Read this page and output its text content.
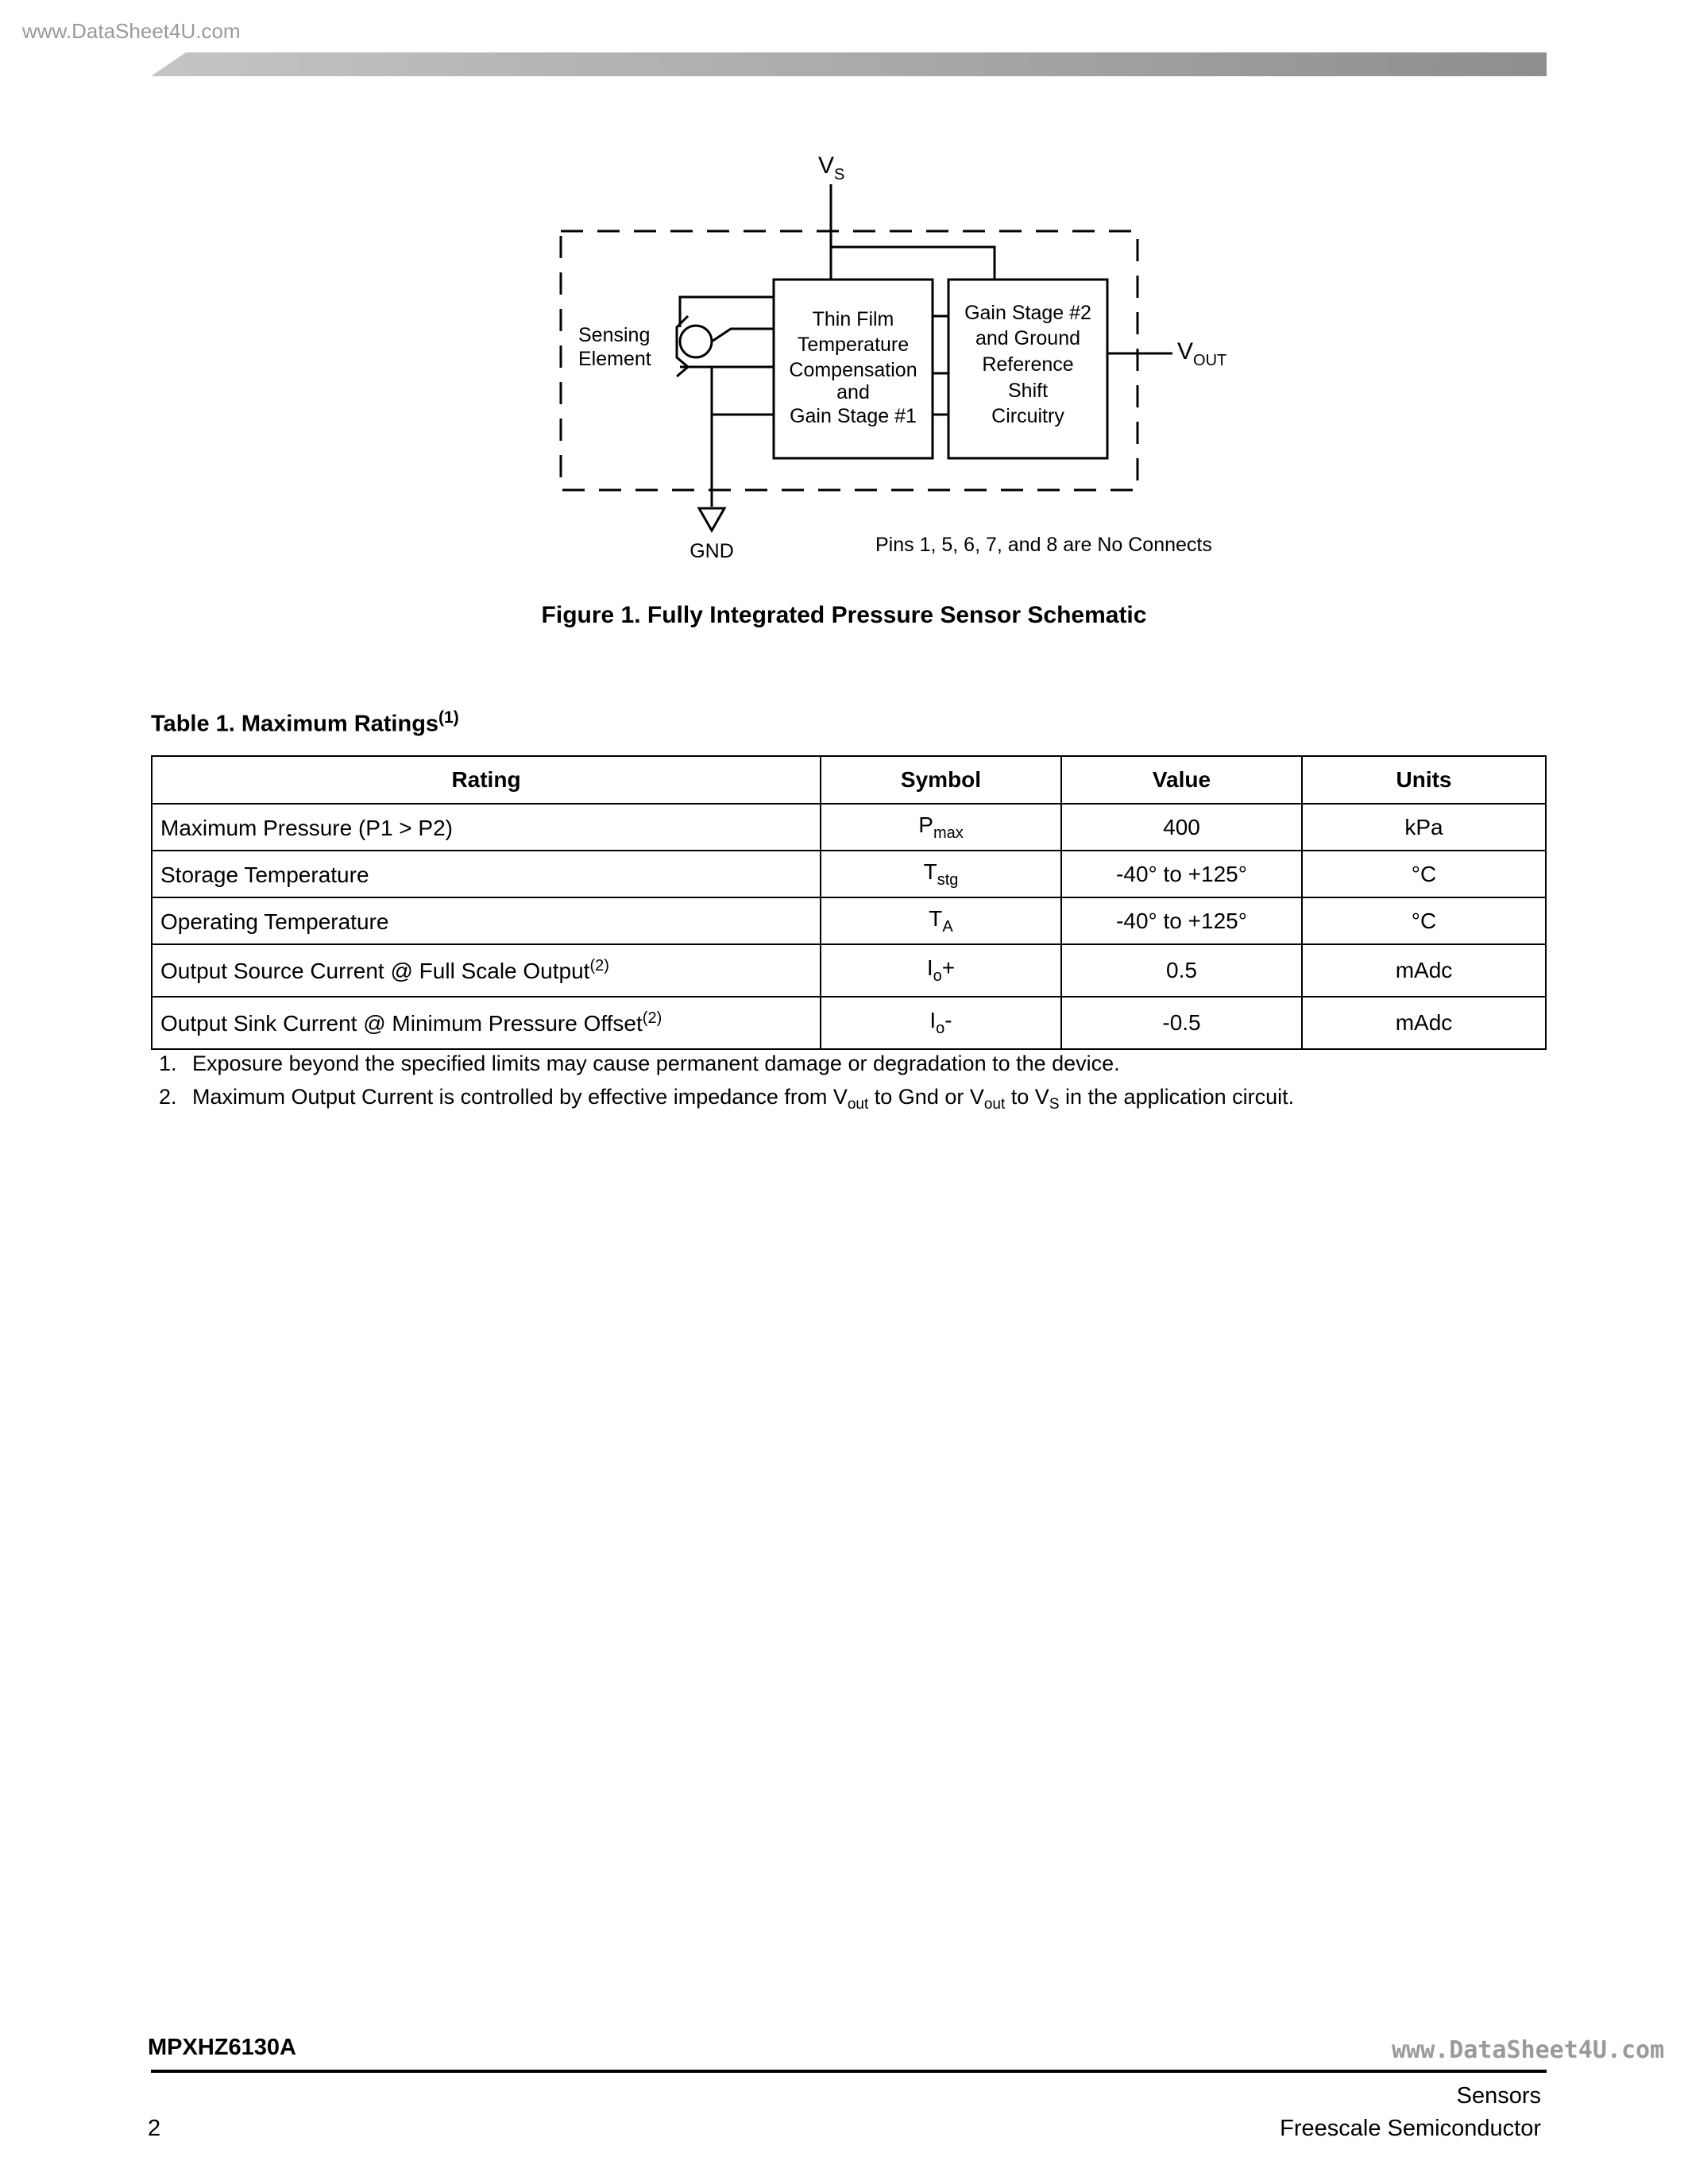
www.DataSheet4U.com
$V_S$
Thin Film
Temperature
Compensation
and
Gain Stage #1
Gain Stage #2
and Ground
Reference
Shift
Circuitry
$V_{OUT}$
Sensing
Element
GND	Pins 1, 5, 6, 7, and 8 are No Connects
Figure 1. Fully Integrated Pressure Sensor Schematic
Table 1. Maximum Ratings$^{(1)}$
Rating	Symbol	Value	Units
Maximum Pressure (P1 > P2)	$P_{max}$	400	kPa
Storage Temperature	$T_{stg}$	-40° to +125°	°C
Operating Temperature	$T_A$	-40° to +125°	°C
Output Source Current @ Full Scale Output$^{(2)}$	$I_o+$	0.5	mAdc
Output Sink Current @ Minimum Pressure Offset$^{(2)}$	$I_o-$	-0.5	mAdc
1. Exposure beyond the specified limits may cause permanent damage or degradation to the device.
2. Maximum Output Current is controlled by effective impedance from $V_{out}$ to Gnd or $V_{out}$ to $V_S$ in the application circuit.
MPXHZ6130A	www.DataSheet4U.com
Sensors
Freescale Semiconductor
2
